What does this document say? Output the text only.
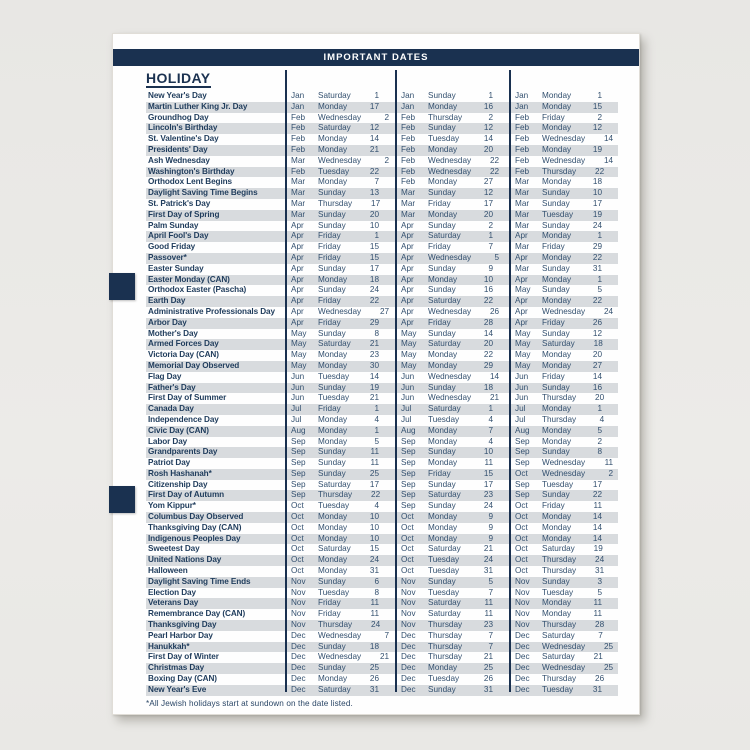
IMPORTANT DATES
HOLIDAY
New Year's Day	Jan	Saturday	1	Jan	Sunday	1	Jan	Monday	1
Martin Luther King Jr. Day	Jan	Monday	17	Jan	Monday	16	Jan	Monday	15
Groundhog Day	Feb	Wednesday	2 Feb	Thursday	2	Feb	Friday	2
Lincoln's Birthday	Feb	Saturday	12	Feb	Sunday	12	Feb	Monday	12
St. Valentine's Day	Feb	Monday	14	Feb	Tuesday	14	Feb	Wednesday	14
Presidents' Day	Feb	Monday	21	Feb	Monday	20	Feb	Monday	19
Ash Wednesday	Mar	Wednesday	2 Feb	Wednesday	22 Feb	Wednesday	14
Washington's Birthday	Feb	Tuesday	22	Feb	Wednesday	22 Feb	Thursday	22
Orthodox Lent Begins	Mar	Monday	7	Feb	Monday	27	Mar	Monday	18
Daylight Saving Time Begins	Mar	Sunday	13	Mar	Sunday	12	Mar	Sunday	10
St. Patrick's Day	Mar	Thursday	17	Mar	Friday	17	Mar	Sunday	17
First Day of Spring	Mar	Sunday	20	Mar	Monday	20	Mar	Tuesday	19
Palm Sunday	Apr	Sunday	10	Apr	Sunday	2	Mar	Sunday	24
April Fool's Day	Apr	Friday	1	Apr	Saturday	1	Apr	Monday	1
Good Friday	Apr	Friday	15	Apr	Friday	7	Mar	Friday	29
Passover*	Apr	Friday	15	Apr	Wednesday	5 Apr	Monday	22
Easter Sunday	Apr	Sunday	17	Apr	Sunday	9	Mar	Sunday	31
Easter Monday (CAN)	Apr	Monday	18	Apr	Monday	10	Apr	Monday	1
Orthodox Easter (Pascha)	Apr	Sunday	24	Apr	Sunday	16	May	Sunday	5
Earth Day	Apr	Friday	22	Apr	Saturday	22	Apr	Monday	22
Administrative Professionals Day	Apr	Wednesday	27 Apr	Wednesday	26 Apr	Wednesday	24
Arbor Day	Apr	Friday	29	Apr	Friday	28	Apr	Friday	26
Mother's Day	May	Sunday	8	May	Sunday	14	May	Sunday	12
Armed Forces Day	May	Saturday	21	May	Saturday	20	May	Saturday	18
Victoria Day (CAN)	May	Monday	23	May	Monday	22	May	Monday	20
Memorial Day Observed	May	Monday	30	May	Monday	29	May	Monday	27
Flag Day	Jun	Tuesday	14	Jun	Wednesday	14 Jun	Friday	14
Father's Day	Jun	Sunday	19	Jun	Sunday	18	Jun	Sunday	16
First Day of Summer	Jun	Tuesday	21	Jun	Wednesday	21 Jun	Thursday	20
Canada Day	Jul	Friday	1	Jul	Saturday	1	Jul	Monday	1
Independence Day	Jul	Monday	4	Jul	Tuesday	4	Jul	Thursday	4
Civic Day (CAN)	Aug	Monday	1	Aug	Monday	7	Aug	Monday	5
Labor Day	Sep	Monday	5	Sep	Monday	4	Sep	Monday	2
Grandparents Day	Sep	Sunday	11	Sep	Sunday	10	Sep	Sunday	8
Patriot Day	Sep	Sunday	11	Sep	Monday	11	Sep	Wednesday	11
Rosh Hashanah*	Sep	Sunday	25	Sep	Friday	15	Oct	Wednesday	2
Citizenship Day	Sep	Saturday	17	Sep	Sunday	17	Sep	Tuesday	17
First Day of Autumn	Sep	Thursday	22	Sep	Saturday	23	Sep	Sunday	22
Yom Kippur*	Oct	Tuesday	4	Sep	Sunday	24	Oct	Friday	11
Columbus Day Observed	Oct	Monday	10	Oct	Monday	9	Oct	Monday	14
Thanksgiving Day (CAN)	Oct	Monday	10	Oct	Monday	9	Oct	Monday	14
Indigenous Peoples Day	Oct	Monday	10	Oct	Monday	9	Oct	Monday	14
Sweetest Day	Oct	Saturday	15	Oct	Saturday	21	Oct	Saturday	19
United Nations Day	Oct	Monday	24	Oct	Tuesday	24	Oct	Thursday	24
Halloween	Oct	Monday	31	Oct	Tuesday	31	Oct	Thursday	31
Daylight Saving Time Ends	Nov	Sunday	6	Nov	Sunday	5	Nov	Sunday	3
Election Day	Nov	Tuesday	8	Nov	Tuesday	7	Nov	Tuesday	5
Veterans Day	Nov	Friday	11	Nov	Saturday	11	Nov	Monday	11
Remembrance Day (CAN)	Nov	Friday	11	Nov	Saturday	11	Nov	Monday	11
Thanksgiving Day	Nov	Thursday	24	Nov	Thursday	23	Nov	Thursday	28
Pearl Harbor Day	Dec	Wednesday	7 Dec	Thursday	7	Dec	Saturday	7
Hanukkah*	Dec	Sunday	18	Dec	Thursday	7	Dec	Wednesday	25
First Day of Winter	Dec	Wednesday	21 Dec	Thursday	21	Dec	Saturday	21
Christmas Day	Dec	Sunday	25	Dec	Monday	25	Dec	Wednesday	25
Boxing Day (CAN)	Dec	Monday	26	Dec	Tuesday	26	Dec	Thursday	26
New Year's Eve	Dec	Saturday	31	Dec	Sunday	31	Dec	Tuesday	31
*All Jewish holidays start at sundown on the date listed.
